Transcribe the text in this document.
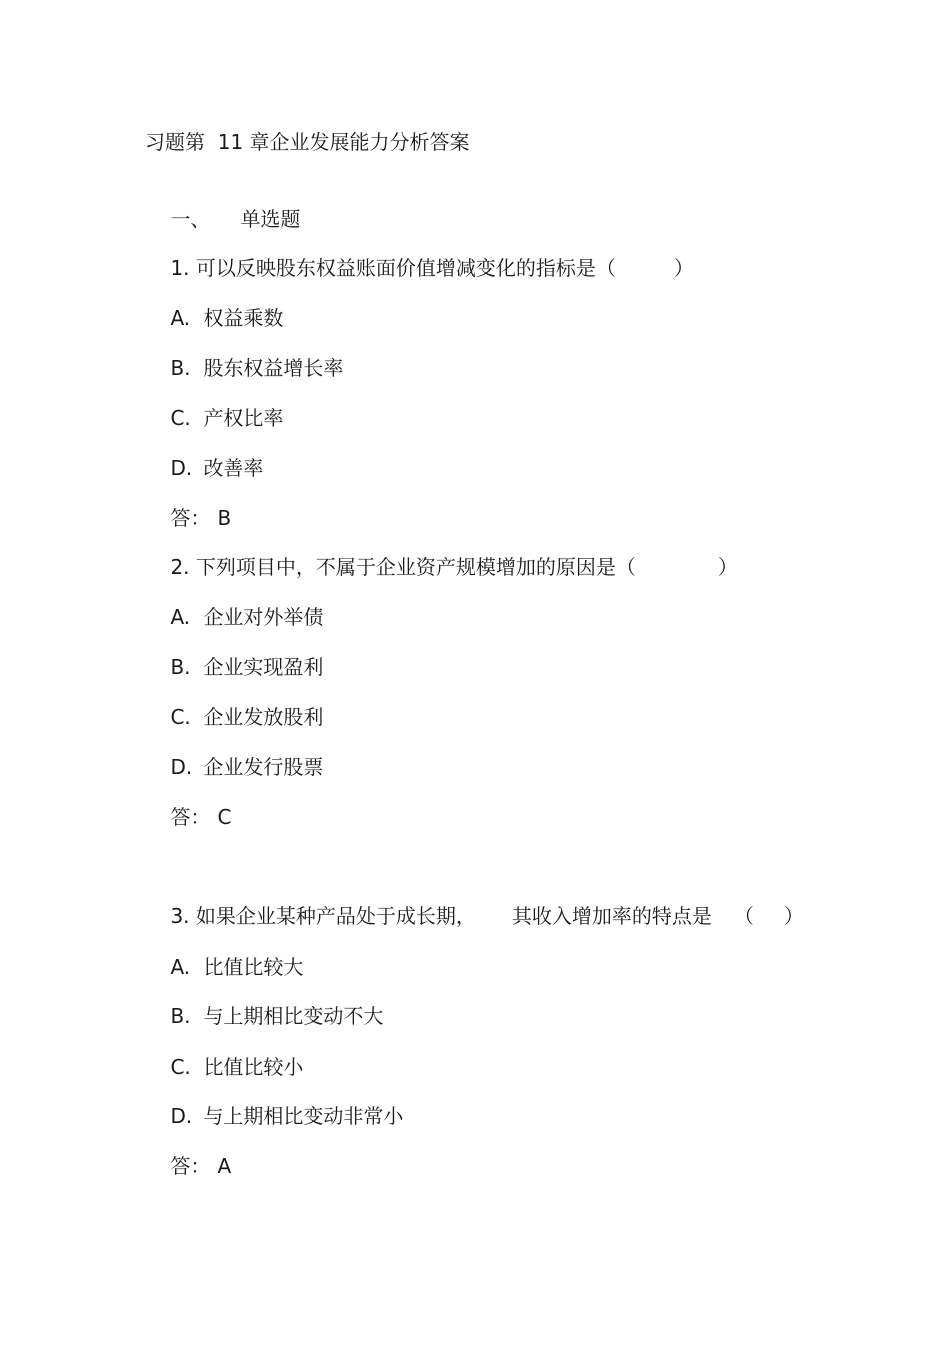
习题第  11 章企业发展能力分析答案

一、 单选题

1. 可以反映股东权益账面价值增减变化的指标是（	）

A. 权益乘数

B. 股东权益增长率

C. 产权比率

D. 改善率

答： B

2. 下列项目中，不属于企业资产规模增加的原因是（	）

A. 企业对外举债

B. 企业实现盈利

C. 企业发放股利

D. 企业发行股票

答： C

3. 如果企业某种产品处于成长期， 其收入增加率的特点是 （ ）

A. 比值比较大

B. 与上期相比变动不大

C. 比值比较小

D. 与上期相比变动非常小

答： A
